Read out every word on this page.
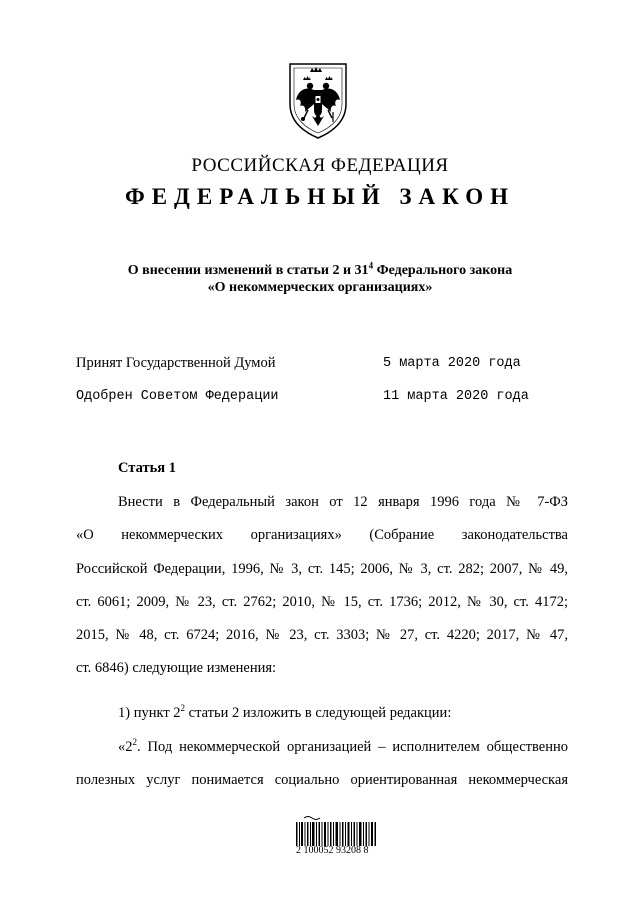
РОССИЙСКАЯ ФЕДЕРАЦИЯ
ФЕДЕРАЛЬНЫЙ ЗАКОН
О внесении изменений в статьи 2 и $31^4$ Федерального закона
«О некоммерческих организациях»
Принят Государственной Думой	5 марта 2020 года
Одобрен Советом Федерации	11 марта 2020 года
Статья 1
Внести в Федеральный закон от 12 января 1996 года № 7-ФЗ
«О некоммерческих организациях» (Собрание законодательства
Российской Федерации, 1996, № 3, ст. 145; 2006, № 3, ст. 282; 2007, № 49,
ст. 6061; 2009, № 23, ст. 2762; 2010, № 15, ст. 1736; 2012, № 30, ст. 4172;
2015, № 48, ст. 6724; 2016, № 23, ст. 3303; № 27, ст. 4220; 2017, № 47,
ст. 6846) следующие изменения:
1) пункт $2^2$ статьи 2 изложить в следующей редакции:
«$2^2$. Под некоммерческой организацией – исполнителем общественно
полезных услуг понимается социально ориентированная некоммерческая
2 100052 93208 8
